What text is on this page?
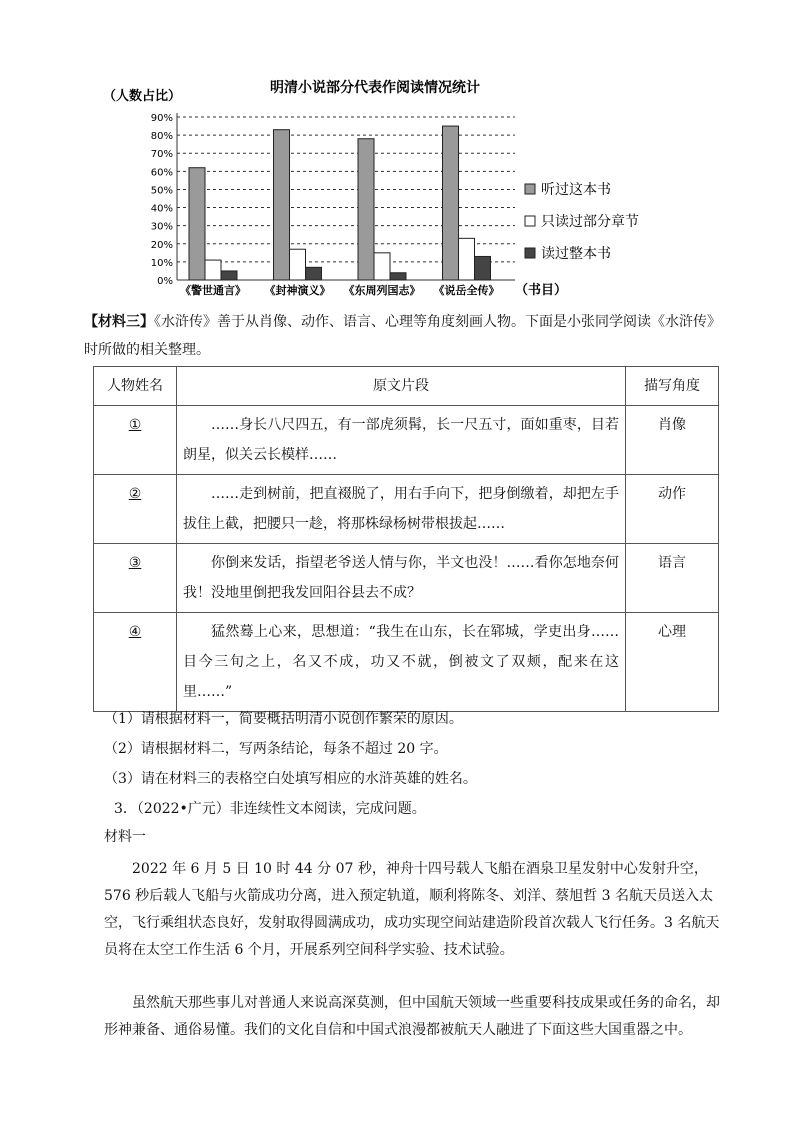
明清小说部分代表作阅读情况统计
（人数占比）
（书目）
0%
10%
20%
30%
40%
50%
60%
70%
80%
90%
《警世通言》 《封神演义》 《东周列国志》 《说岳全传》
听过这本书
只读过部分章节
读过整本书

【材料三】《水浒传》善于从肖像、动作、语言、心理等角度刻画人物。下面是小张同学阅读《水浒传》时所做的相关整理。

人物姓名	原文片段	描写角度
①	……身长八尺四五，有一部虎须髯，长一尺五寸，面如重枣，目若朗星，似关云长模样……	肖像
②	……走到树前，把直裰脱了，用右手向下，把身倒缴着，却把左手拔住上截，把腰只一趁，将那株绿杨树带根拔起……	动作
③	你倒来发话，指望老爷送人情与你，半文也没！……看你怎地奈何我！没地里倒把我发回阳谷县去不成？	语言
④	猛然蓦上心来，思想道：“我生在山东，长在郓城，学吏出身……目今三旬之上，名又不成，功又不就，倒被文了双颊，配来在这里……”	心理

（1）请根据材料一，简要概括明清小说创作繁荣的原因。

（2）请根据材料二，写两条结论，每条不超过 20 字。

（3）请在材料三的表格空白处填写相应的水浒英雄的姓名。

3．（2022•广元）非连续性文本阅读，完成问题。

材料一

2022 年 6 月 5 日 10 时 44 分 07 秒，神舟十四号载人飞船在酒泉卫星发射中心发射升空，576 秒后载人飞船与火箭成功分离，进入预定轨道，顺利将陈冬、刘洋、蔡旭哲 3 名航天员送入太空，飞行乘组状态良好，发射取得圆满成功，成功实现空间站建造阶段首次载人飞行任务。3 名航天员将在太空工作生活 6 个月，开展系列空间科学实验、技术试验。

虽然航天那些事儿对普通人来说高深莫测，但中国航天领域一些重要科技成果或任务的命名，却形神兼备、通俗易懂。我们的文化自信和中国式浪漫都被航天人融进了下面这些大国重器之中。
